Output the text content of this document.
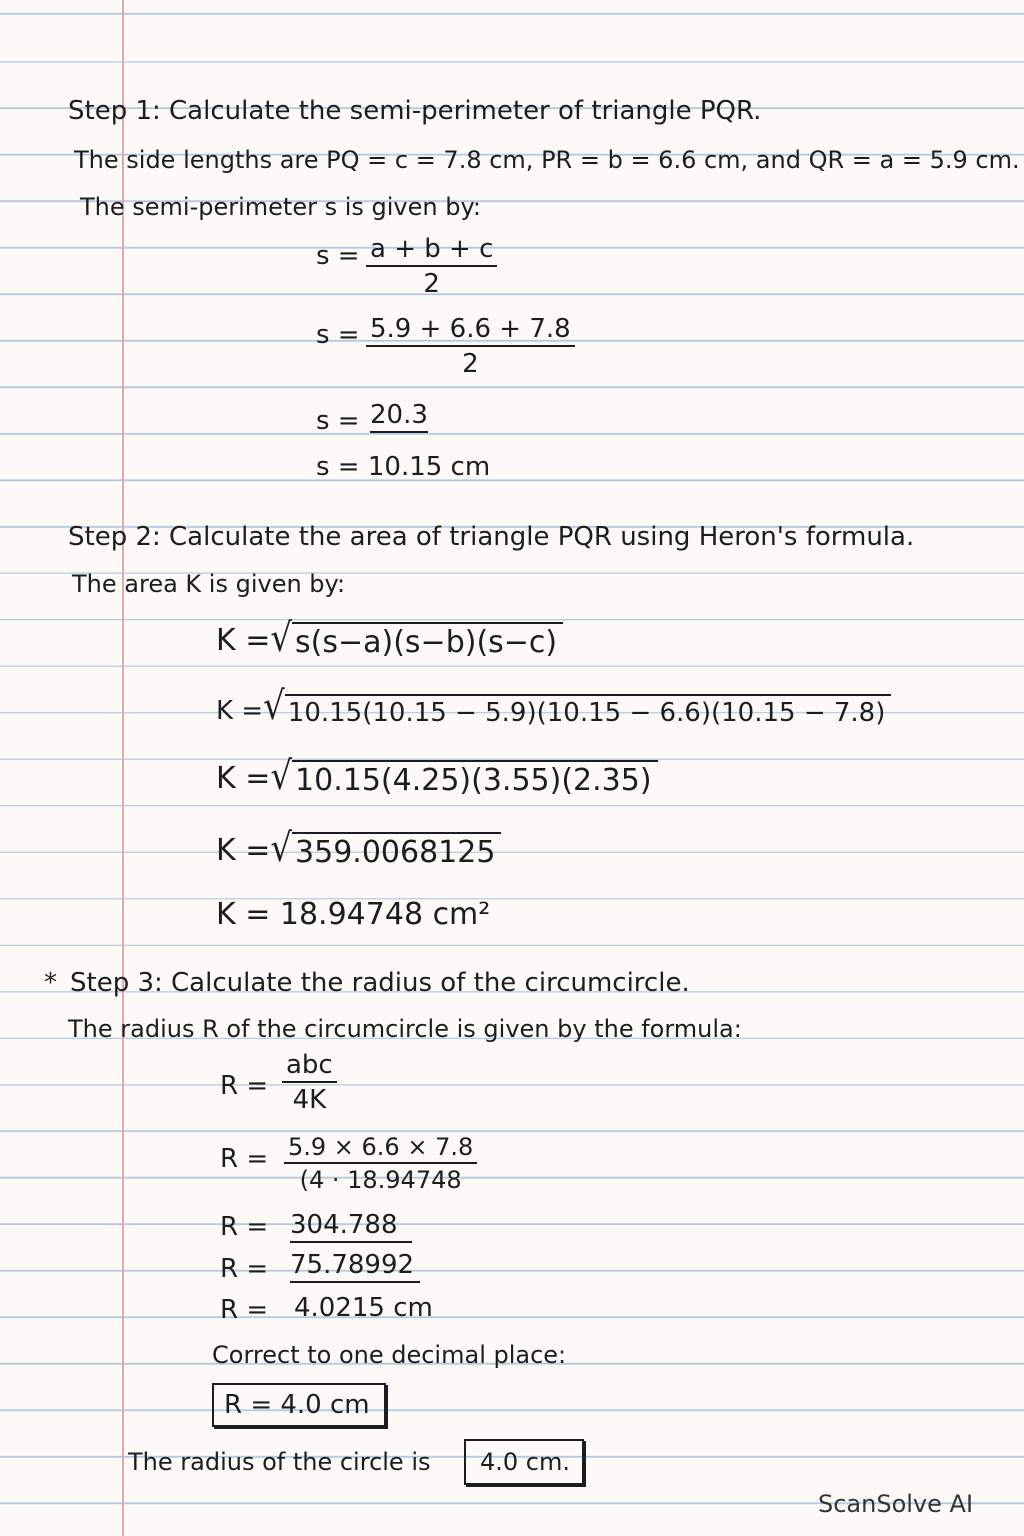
Step 1: Calculate the semi-perimeter of triangle PQR.
The side lengths are PQ = c = 7.8 cm, PR = b = 6.6 cm, and QR = a = 5.9 cm.
The semi-perimeter s is given by:
$s = \frac{a + b + c}{2}$
$s = \frac{5.9 + 6.6 + 7.8}{2}$
s = 20.3
s = 10.15 cm
Step 2: Calculate the area of triangle PQR using Heron's formula.
The area K is given by:
K = √ s(s−a)(s−b)(s−c)
K = √ 10.15(10.15 − 5.9)(10.15 − 6.6)(10.15 − 7.8)
K = √ 10.15(4.25)(3.55)(2.35)
K = √ 359.0068125
K = 18.94748 cm²
* Step 3: Calculate the radius of the circumcircle.
The radius R of the circumcircle is given by the formula:
R =
abc
4K
$R = \frac{5.9 \times 6.6 \times 7.8}{(4 \cdot 18.94748}$
R = 304.788
R = 75.78992
R = 4.0215 cm
Correct to one decimal place:
R = 4.0 cm
The radius of the circle is	4.0 cm.
ScanSolve AI
